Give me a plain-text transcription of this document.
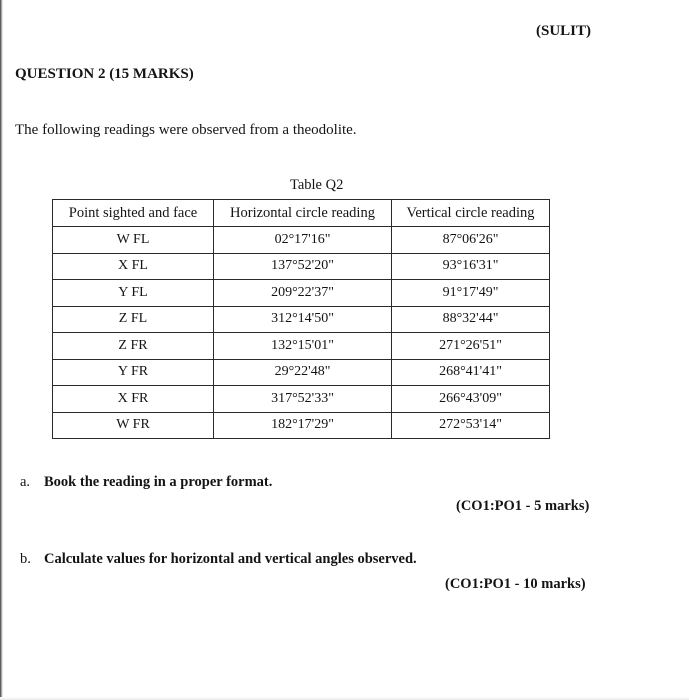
(SULIT)
QUESTION 2 (15 MARKS)
The following readings were observed from a theodolite.
Table Q2
Point sighted and face	Horizontal circle reading	Vertical circle reading
W FL	02°17'16"	87°06'26"
X FL	137°52'20"	93°16'31"
Y FL	209°22'37"	91°17'49"
Z FL	312°14'50"	88°32'44"
Z FR	132°15'01"	271°26'51"
Y FR	29°22'48"	268°41'41"
X FR	317°52'33"	266°43'09"
W FR	182°17'29"	272°53'14"
a. Book the reading in a proper format.
(CO1:PO1 - 5 marks)
b. Calculate values for horizontal and vertical angles observed.
(CO1:PO1 - 10 marks)
